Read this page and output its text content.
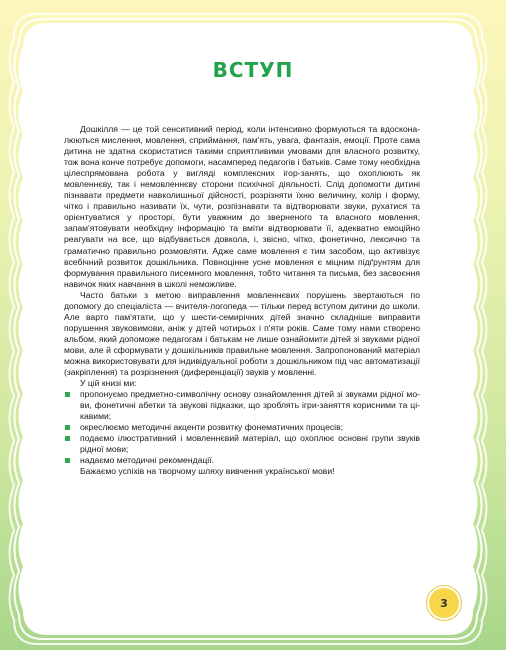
ВСТУП

Дошкілля — це той сенситивний період, коли інтенсивно формуються та вдосконалюються мислення, мовлення, сприймання, пам'ять, увага, фантазія, емоції. Проте сама дитина не здатна скористатися такими сприятливими умовами для власного розвитку, тож вона конче потребує допомоги, насамперед педагогів і батьків. Саме тому необхідна цілеспрямована робота у вигляді комплексних ігор-занять, що охоплюють як мовленнєву, так і немовленнєву сторони психічної діяльності. Слід допомогти дитині пізнавати предмети навколишньої дійсності, розрізняти їхню величину, колір і форму, чітко і правильно називати їх, чути, розпізнавати та відтворювати звуки, рухатися та орієнтуватися у просторі, бути уважним до звернeного та власного мовлення, запам'ятовувати необхідну інформацію та вміти відтворювати її, адекватно емоційно реагувати на все, що відбувається довкола, і, звісно, чітко, фонетично, лексично та граматично правильно розмовляти. Адже саме мовлення є тим засобом, що активізує всебічний розвиток дошкільника. Повноцінне усне мовлення є міцним підґрунтям для формування правильного писемного мовлення, тобто читання та письма, без засвоєння навичок яких навчання в школі неможливе.

Часто батьки з метою виправлення мовленнєвих порушень звертаються по допомогу до спеціаліста — вчителя-логопеда — тільки перед вступом дитини до школи. Але варто пам'ятати, що у шести-семирічних дітей значно складніше виправити порушення звуковимови, аніж у дітей чотирьох і п'яти років. Саме тому нами створено альбом, який допоможе педагогам і батькам не лише ознайомити дітей зі звуками рідної мови, але й сформувати у дошкільників правильне мовлення. Запропонований матеріал можна використовувати для індивідуальної роботи з дошкільником під час автоматизації (закріплення) та розрізнення (диференціації) звуків у мовленні.

У цій книзі ми:

пропонуємо предметно-символічну основу ознайомлення дітей зі звуками рідної мови, фонетичні абетки та звукові підказки, що зроблять ігри-заняття корисними та цікавими;
окреслюємо методичні акценти розвитку фонематичних процесів;
подаємо ілюстративний і мовленнєвий матеріал, що охоплює основні групи звуків рідної мови;
надаємо методичні рекомендації.

Бажаємо успіхів на творчому шляху вивчення української мови!

3
